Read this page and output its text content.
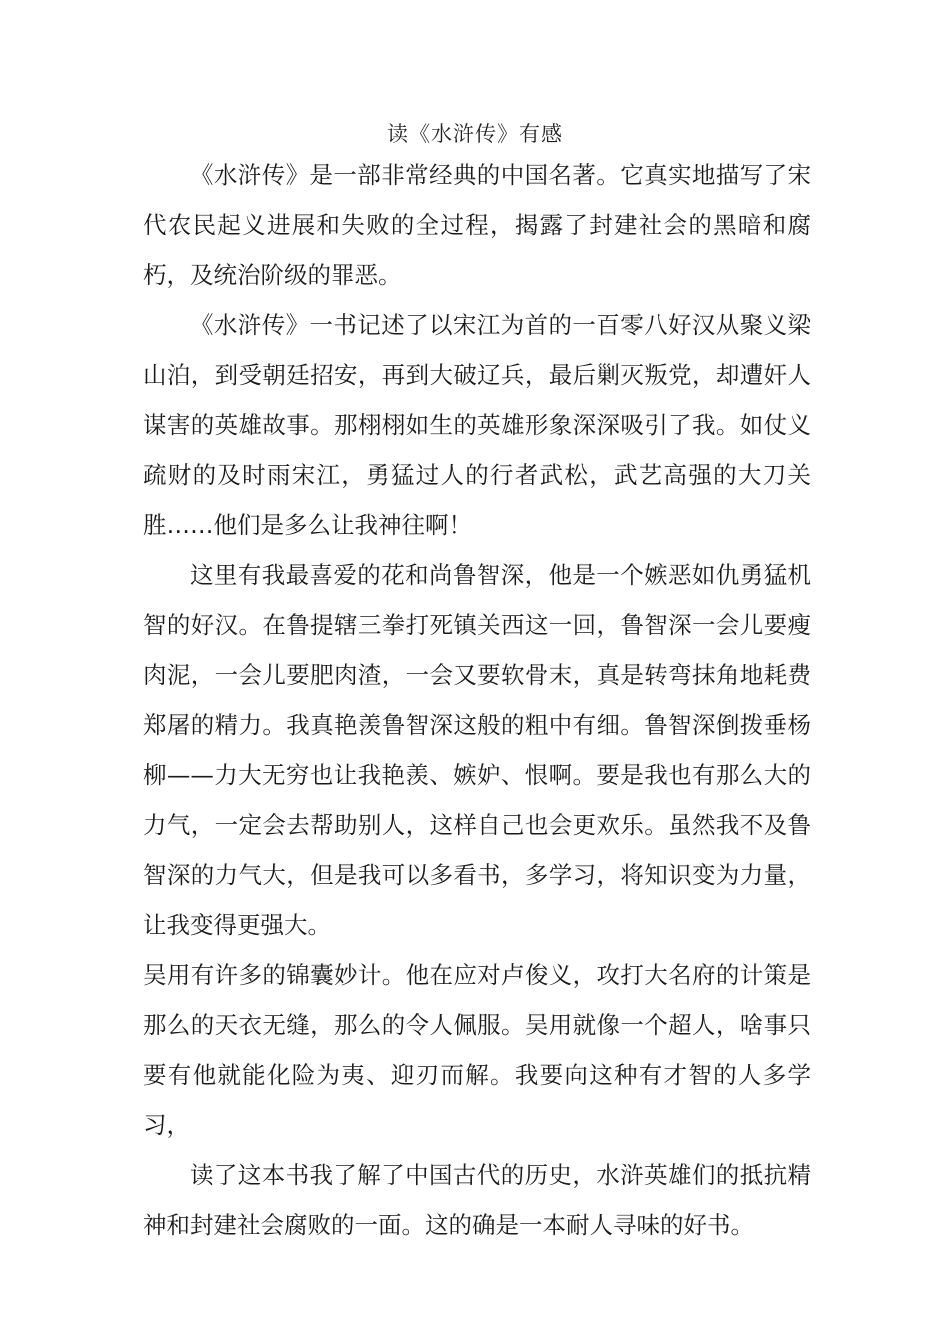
读《水浒传》有感

《水浒传》是一部非常经典的中国名著。它真实地描写了宋代农民起义进展和失败的全过程，揭露了封建社会的黑暗和腐朽，及统治阶级的罪恶。

《水浒传》一书记述了以宋江为首的一百零八好汉从聚义梁山泊，到受朝廷招安，再到大破辽兵，最后剿灭叛党，却遭奸人谋害的英雄故事。那栩栩如生的英雄形象深深吸引了我。如仗义疏财的及时雨宋江，勇猛过人的行者武松，武艺高强的大刀关胜……他们是多么让我神往啊！

这里有我最喜爱的花和尚鲁智深，他是一个嫉恶如仇勇猛机智的好汉。在鲁提辖三拳打死镇关西这一回，鲁智深一会儿要瘦肉泥，一会儿要肥肉渣，一会又要软骨末，真是转弯抹角地耗费郑屠的精力。我真艳羡鲁智深这般的粗中有细。鲁智深倒拨垂杨柳——力大无穷也让我艳羡、嫉妒、恨啊。要是我也有那么大的力气，一定会去帮助别人，这样自己也会更欢乐。虽然我不及鲁智深的力气大，但是我可以多看书，多学习，将知识变为力量，让我变得更强大。

吴用有许多的锦囊妙计。他在应对卢俊义，攻打大名府的计策是那么的天衣无缝，那么的令人佩服。吴用就像一个超人，啥事只要有他就能化险为夷、迎刃而解。我要向这种有才智的人多学习，

读了这本书我了解了中国古代的历史，水浒英雄们的抵抗精神和封建社会腐败的一面。这的确是一本耐人寻味的好书。
